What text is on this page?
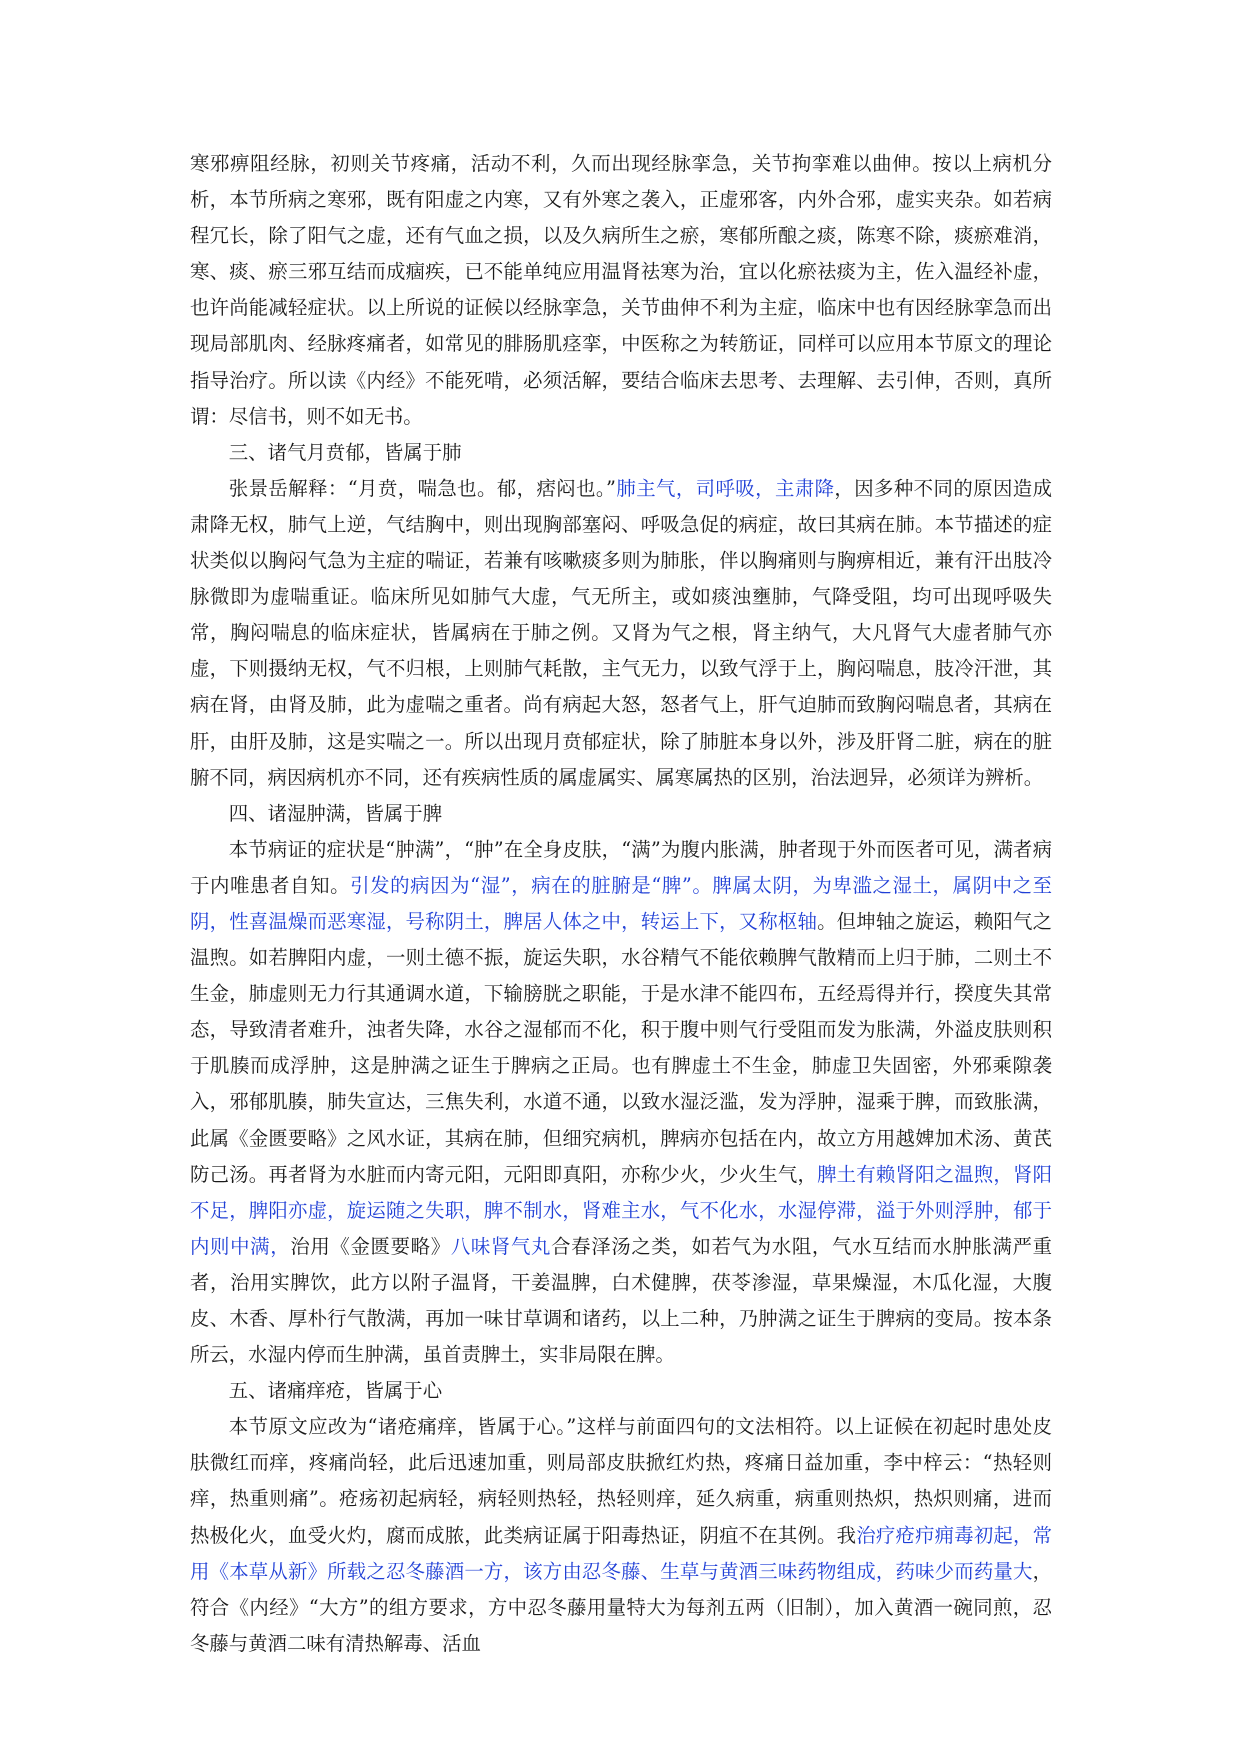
寒邪痹阻经脉，初则关节疼痛，活动不利，久而出现经脉挛急，关节拘挛难以曲伸。按以上病机分析，本节所病之寒邪，既有阳虚之内寒，又有外寒之袭入，正虚邪客，内外合邪，虚实夹杂。如若病程冗长，除了阳气之虚，还有气血之损，以及久病所生之瘀，寒郁所酿之痰，陈寒不除，痰瘀难消，寒、痰、瘀三邪互结而成痼疾，已不能单纯应用温肾祛寒为治，宜以化瘀祛痰为主，佐入温经补虚，也许尚能减轻症状。以上所说的证候以经脉挛急，关节曲伸不利为主症，临床中也有因经脉挛急而出现局部肌肉、经脉疼痛者，如常见的腓肠肌痉挛，中医称之为转筋证，同样可以应用本节原文的理论指导治疗。所以读《内经》不能死啃，必须活解，要结合临床去思考、去理解、去引伸，否则，真所谓：尽信书，则不如无书。

三、诸气月贲郁，皆属于肺

张景岳解释：“月贲，喘急也。郁，痞闷也。”肺主气，司呼吸，主肃降，因多种不同的原因造成肃降无权，肺气上逆，气结胸中，则出现胸部塞闷、呼吸急促的病症，故曰其病在肺。本节描述的症状类似以胸闷气急为主症的喘证，若兼有咳嗽痰多则为肺胀，伴以胸痛则与胸痹相近，兼有汗出肢冷脉微即为虚喘重证。临床所见如肺气大虚，气无所主，或如痰浊壅肺，气降受阻，均可出现呼吸失常，胸闷喘息的临床症状，皆属病在于肺之例。又肾为气之根，肾主纳气，大凡肾气大虚者肺气亦虚，下则摄纳无权，气不归根，上则肺气耗散，主气无力，以致气浮于上，胸闷喘息，肢冷汗泄，其病在肾，由肾及肺，此为虚喘之重者。尚有病起大怒，怒者气上，肝气迫肺而致胸闷喘息者，其病在肝，由肝及肺，这是实喘之一。所以出现月贲郁症状，除了肺脏本身以外，涉及肝肾二脏，病在的脏腑不同，病因病机亦不同，还有疾病性质的属虚属实、属寒属热的区别，治法迥异，必须详为辨析。

四、诸湿肿满，皆属于脾

本节病证的症状是“肿满”，“肿”在全身皮肤，“满”为腹内胀满，肿者现于外而医者可见，满者病于内唯患者自知。引发的病因为“湿”，病在的脏腑是“脾”。脾属太阴，为卑滥之湿土，属阴中之至阴，性喜温燥而恶寒湿，号称阴土，脾居人体之中，转运上下，又称枢轴。但坤轴之旋运，赖阳气之温煦。如若脾阳内虚，一则土德不振，旋运失职，水谷精气不能依赖脾气散精而上归于肺，二则土不生金，肺虚则无力行其通调水道，下输膀胱之职能，于是水津不能四布，五经焉得并行，揆度失其常态，导致清者难升，浊者失降，水谷之湿郁而不化，积于腹中则气行受阻而发为胀满，外溢皮肤则积于肌腠而成浮肿，这是肿满之证生于脾病之正局。也有脾虚土不生金，肺虚卫失固密，外邪乘隙袭入，邪郁肌腠，肺失宣达，三焦失利，水道不通，以致水湿泛滥，发为浮肿，湿乘于脾，而致胀满，此属《金匮要略》之风水证，其病在肺，但细究病机，脾病亦包括在内，故立方用越婢加术汤、黄芪防己汤。再者肾为水脏而内寄元阳，元阳即真阳，亦称少火，少火生气，脾土有赖肾阳之温煦，肾阳不足，脾阳亦虚，旋运随之失职，脾不制水，肾难主水，气不化水，水湿停滞，溢于外则浮肿，郁于内则中满，治用《金匮要略》八味肾气丸合春泽汤之类，如若气为水阻，气水互结而水肿胀满严重者，治用实脾饮，此方以附子温肾，干姜温脾，白术健脾，茯苓渗湿，草果燥湿，木瓜化湿，大腹皮、木香、厚朴行气散满，再加一味甘草调和诸药，以上二种，乃肿满之证生于脾病的变局。按本条所云，水湿内停而生肿满，虽首责脾土，实非局限在脾。

五、诸痛痒疮，皆属于心

本节原文应改为“诸疮痛痒，皆属于心。”这样与前面四句的文法相符。以上证候在初起时患处皮肤微红而痒，疼痛尚轻，此后迅速加重，则局部皮肤掀红灼热，疼痛日益加重，李中梓云：“热轻则痒，热重则痛”。疮疡初起病轻，病轻则热轻，热轻则痒，延久病重，病重则热炽，热炽则痛，进而热极化火，血受火灼，腐而成脓，此类病证属于阳毒热证，阴疽不在其例。我治疗疮疖痈毒初起，常用《本草从新》所载之忍冬藤酒一方，该方由忍冬藤、生草与黄酒三味药物组成，药味少而药量大，符合《内经》“大方”的组方要求，方中忍冬藤用量特大为每剂五两（旧制），加入黄酒一碗同煎，忍冬藤与黄酒二味有清热解毒、活血
